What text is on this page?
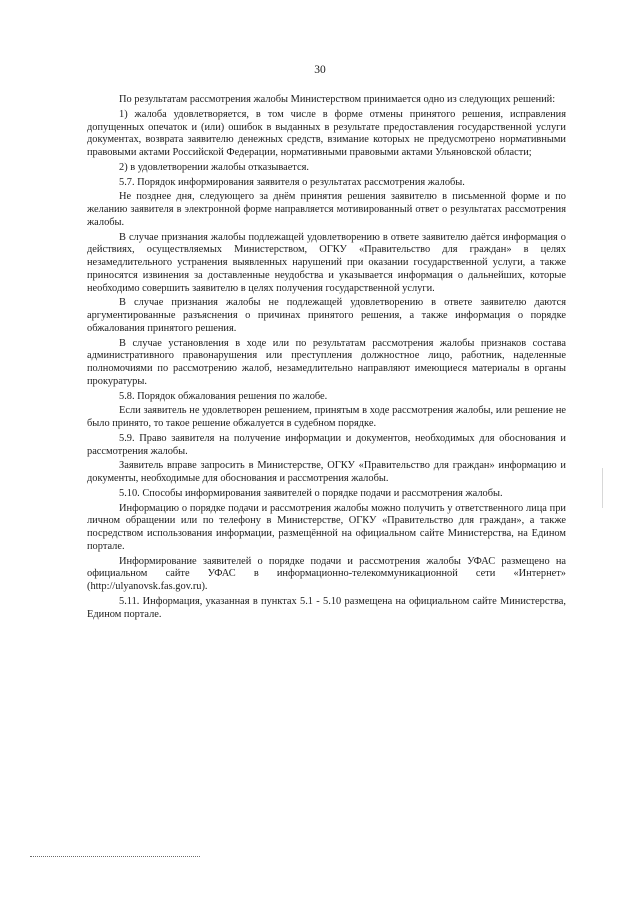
30

По результатам рассмотрения жалобы Министерством принимается одно из следующих решений:

1) жалоба удовлетворяется, в том числе в форме отмены принятого решения, исправления допущенных опечаток и (или) ошибок в выданных в результате предоставления государственной услуги документах, возврата заявителю денежных средств, взимание которых не предусмотрено нормативными правовыми актами Российской Федерации, нормативными правовыми актами Ульяновской области;

2) в удовлетворении жалобы отказывается.

5.7. Порядок информирования заявителя о результатах рассмотрения жалобы.

Не позднее дня, следующего за днём принятия решения заявителю в письменной форме и по желанию заявителя в электронной форме направляется мотивированный ответ о результатах рассмотрения жалобы.

В случае признания жалобы подлежащей удовлетворению в ответе заявителю даётся информация о действиях, осуществляемых Министерством, ОГКУ «Правительство для граждан» в целях незамедлительного устранения выявленных нарушений при оказании государственной услуги, а также приносятся извинения за доставленные неудобства и указывается информация о дальнейших, которые необходимо совершить заявителю в целях получения государственной услуги.

В случае признания жалобы не подлежащей удовлетворению в ответе заявителю даются аргументированные разъяснения о причинах принятого решения, а также информация о порядке обжалования принятого решения.

В случае установления в ходе или по результатам рассмотрения жалобы признаков состава административного правонарушения или преступления должностное лицо, работник, наделенные полномочиями по рассмотрению жалоб, незамедлительно направляют имеющиеся материалы в органы прокуратуры.

5.8. Порядок обжалования решения по жалобе.

Если заявитель не удовлетворен решением, принятым в ходе рассмотрения жалобы, или решение не было принято, то такое решение обжалуется в судебном порядке.

5.9. Право заявителя на получение информации и документов, необходимых для обоснования и рассмотрения жалобы.

Заявитель вправе запросить в Министерстве, ОГКУ «Правительство для граждан» информацию и документы, необходимые для обоснования и рассмотрения жалобы.

5.10. Способы информирования заявителей о порядке подачи и рассмотрения жалобы.

Информацию о порядке подачи и рассмотрения жалобы можно получить у ответственного лица при личном обращении или по телефону в Министерстве, ОГКУ «Правительство для граждан», а также посредством использования информации, размещённой на официальном сайте Министерства, на Едином портале.

Информирование заявителей о порядке подачи и рассмотрения жалобы УФАС размещено на официальном сайте УФАС в информационно-телекоммуникационной сети «Интернет» (http://ulyanovsk.fas.gov.ru).

5.11. Информация, указанная в пунктах 5.1 - 5.10 размещена на официальном сайте Министерства, Едином портале.
